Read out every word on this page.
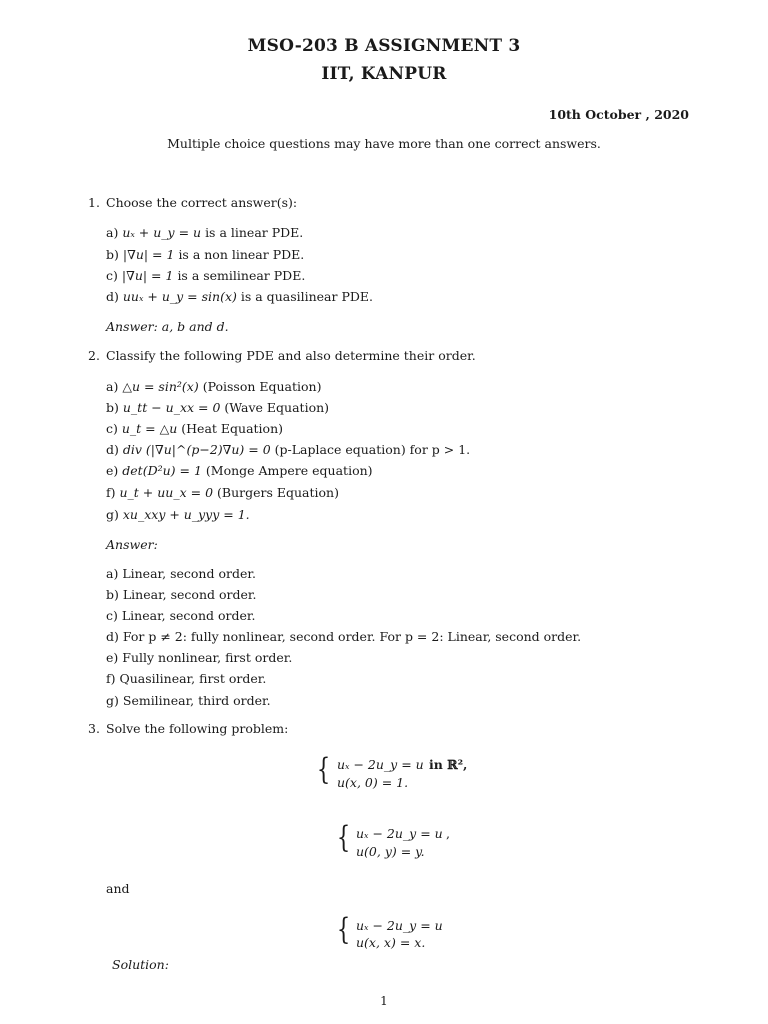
MSO-203 B ASSIGNMENT 3
IIT, KANPUR
10th October , 2020
Multiple choice questions may have more than one correct answers.
1. Choose the correct answer(s):
a) uₓ + u_y = u is a linear PDE.
b) |∇u| = 1 is a non linear PDE.
c) |∇u| = 1 is a semilinear PDE.
d) uuₓ + u_y = sin(x) is a quasilinear PDE.
Answer: a, b and d.
2. Classify the following PDE and also determine their order.
a) △u = sin²(x) (Poisson Equation)
b) u_tt − u_xx = 0 (Wave Equation)
c) u_t = △u (Heat Equation)
d) div (|∇u|^(p−2)∇u) = 0 (p-Laplace equation) for p > 1.
e) det(D²u) = 1 (Monge Ampere equation)
f) u_t + uu_x = 0 (Burgers Equation)
g) xu_xxy + u_yyy = 1.
Answer:
a) Linear, second order.
b) Linear, second order.
c) Linear, second order.
d) For p ≠ 2: fully nonlinear, second order. For p = 2: Linear, second order.
e) Fully nonlinear, first order.
f) Quasilinear, first order.
g) Semilinear, third order.
3. Solve the following problem:
{ uₓ − 2u_y = u in ℝ²,
u(x, 0) = 1.
{ uₓ − 2u_y = u ,
u(0, y) = y.
and
{ uₓ − 2u_y = u
u(x, x) = x.
Solution:
1
